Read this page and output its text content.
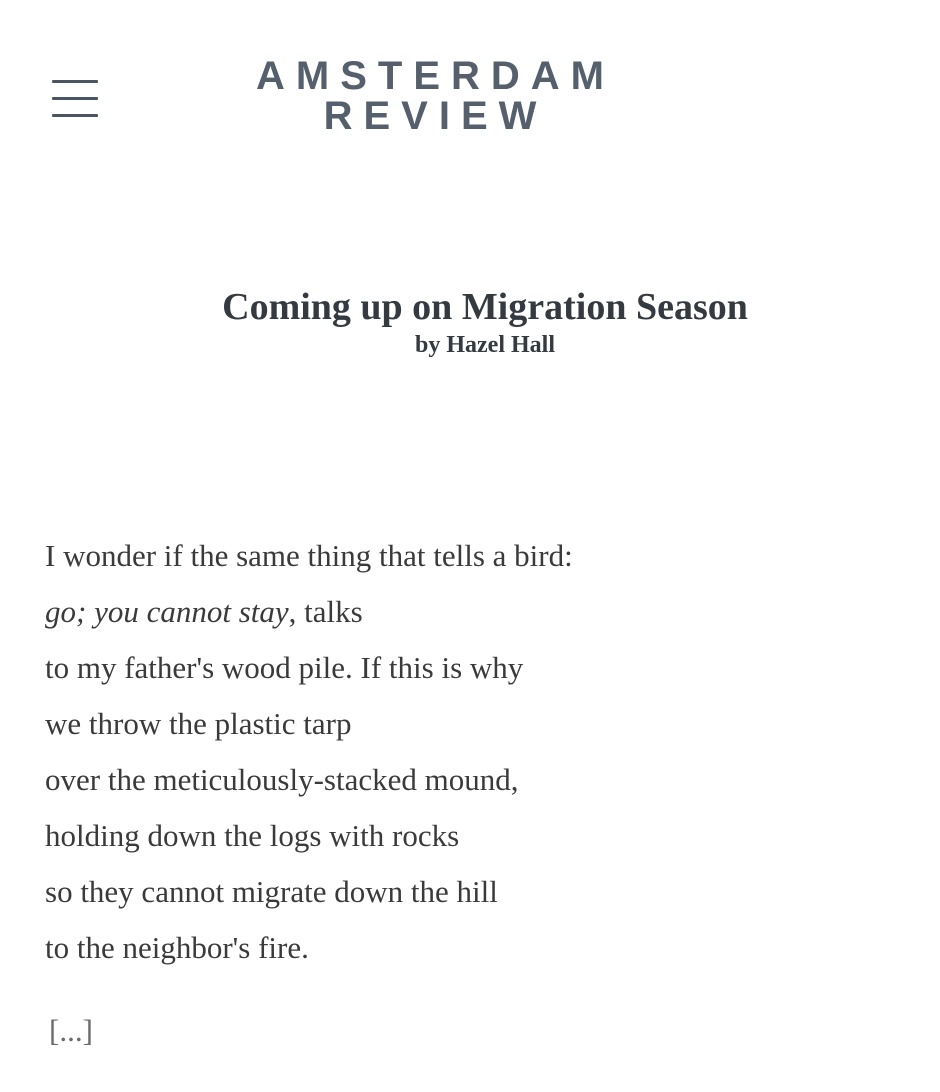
AMSTERDAM
REVIEW
Coming up on Migration Season

by Hazel Hall

I wonder if the same thing that tells a bird:
go; you cannot stay, talks
to my father's wood pile. If this is why
we throw the plastic tarp
over the meticulously-stacked mound,
holding down the logs with rocks
so they cannot migrate down the hill
to the neighbor's fire.
[...]
